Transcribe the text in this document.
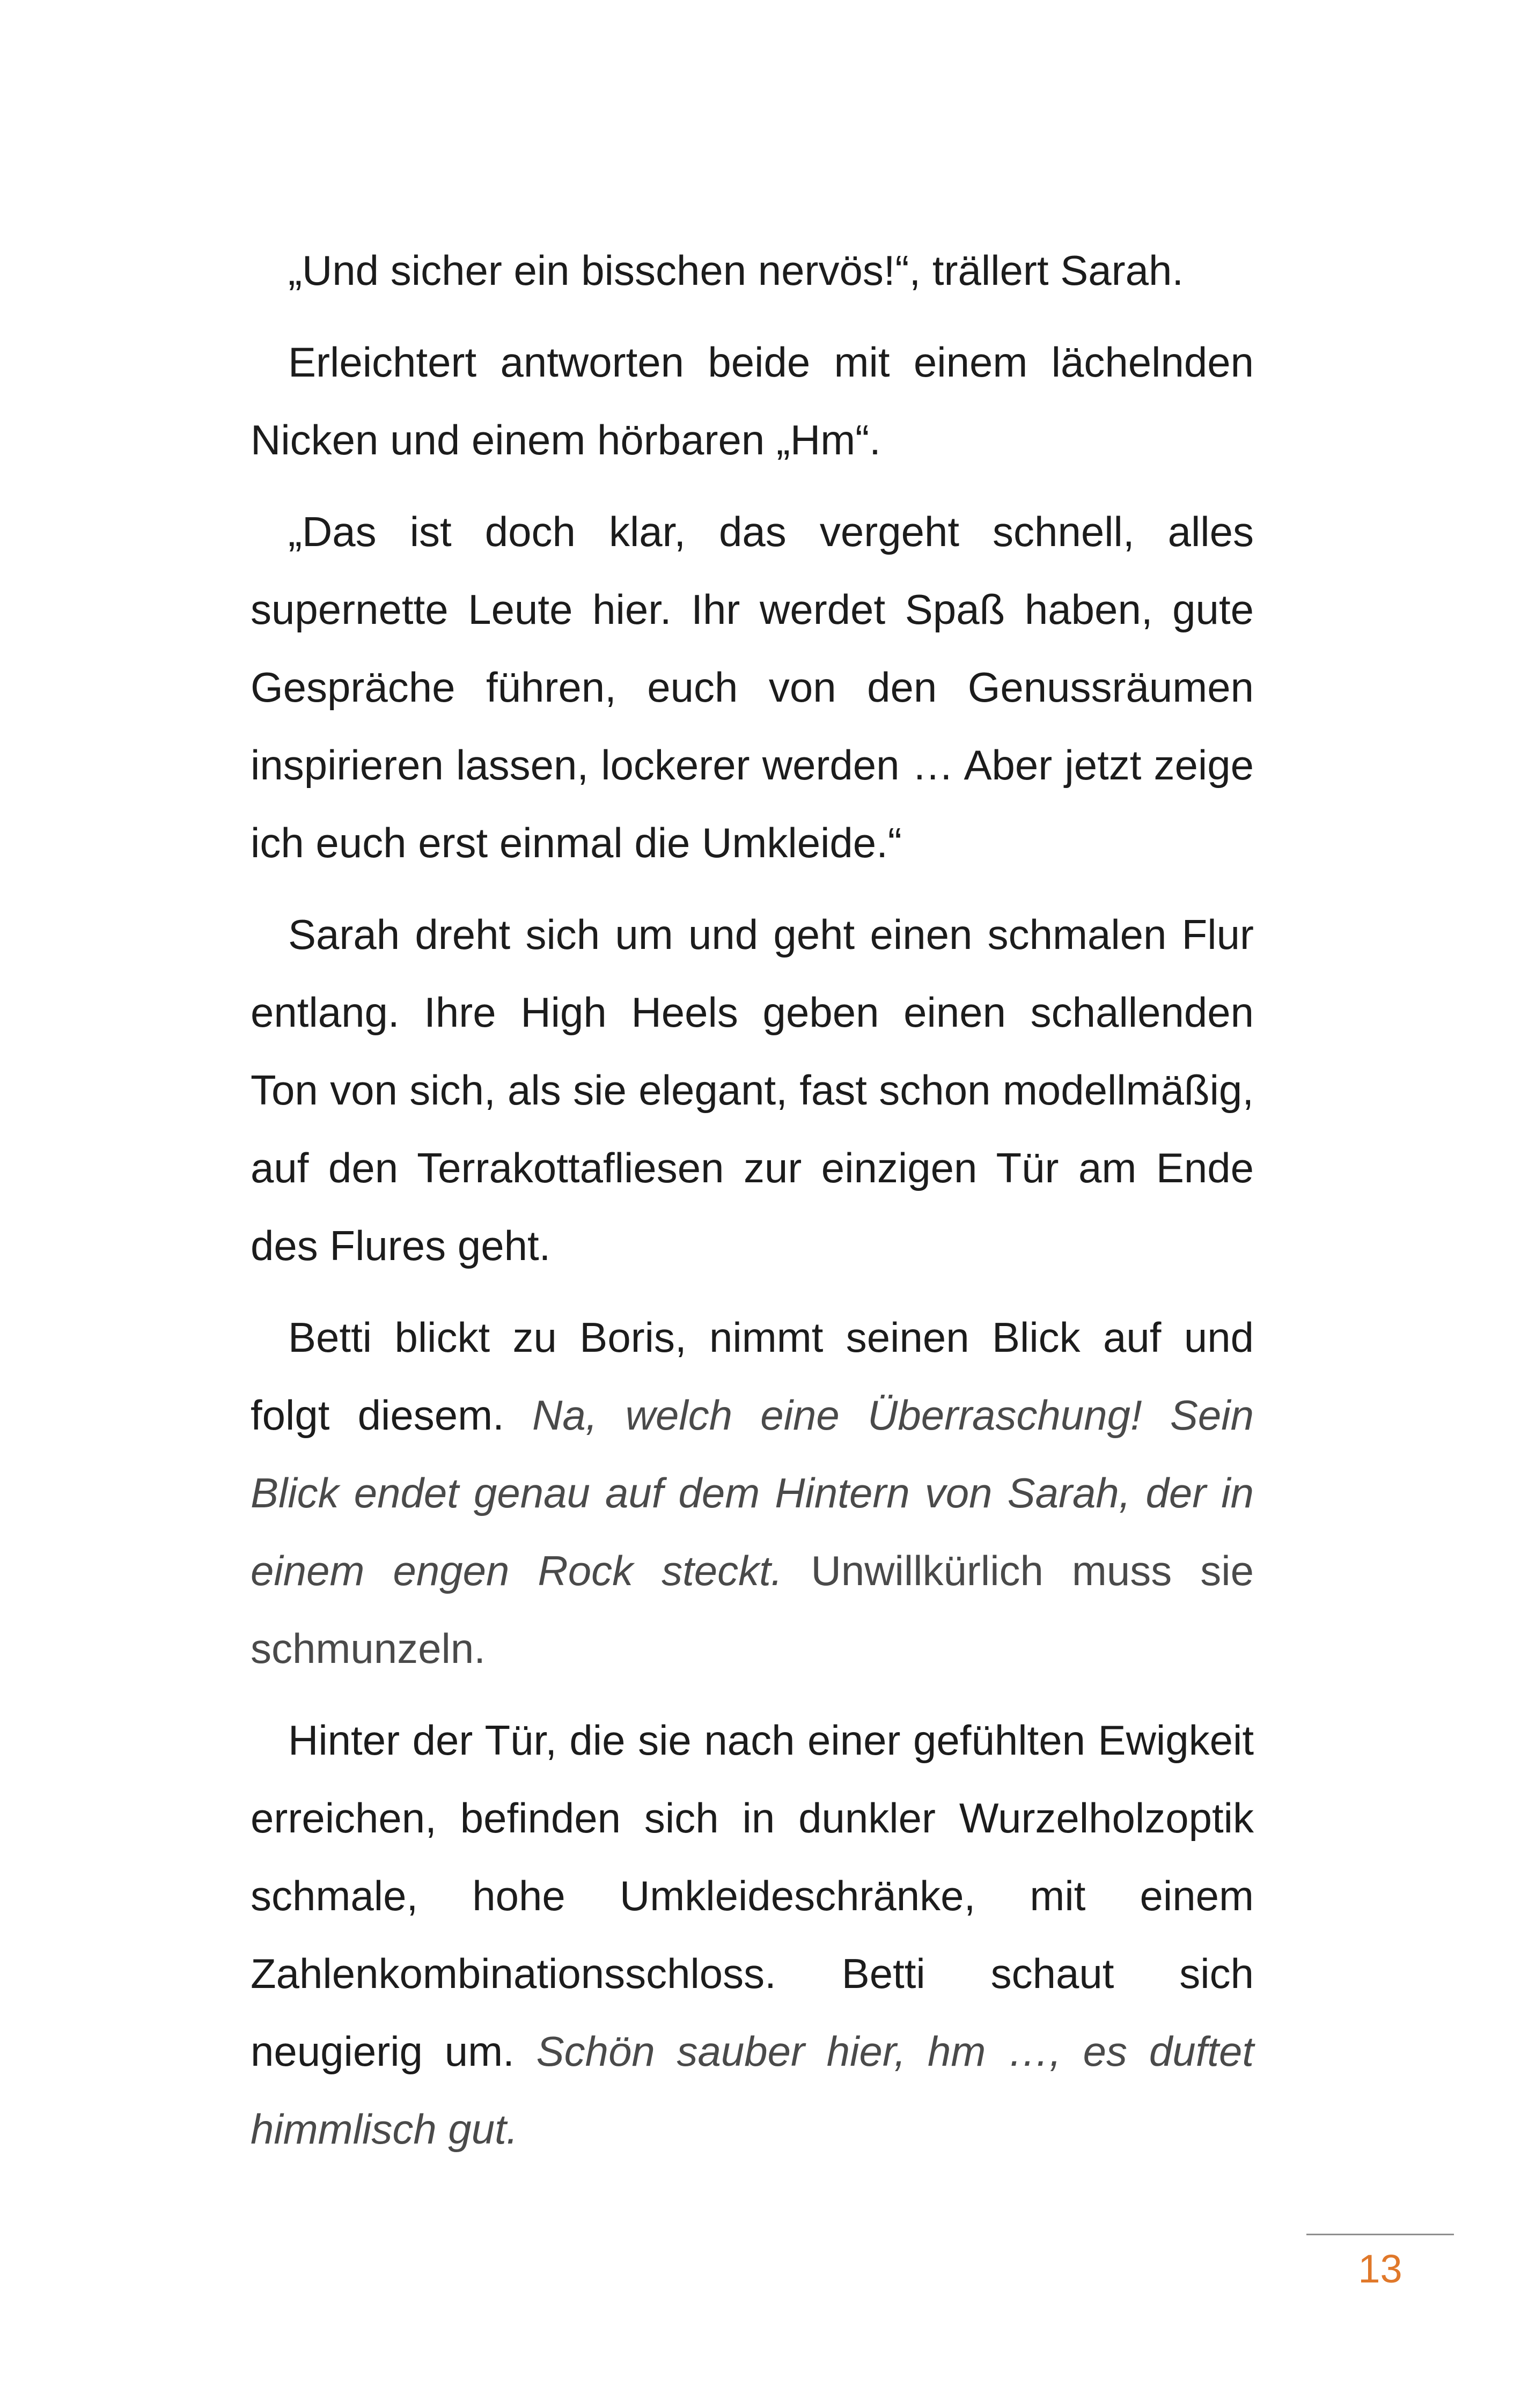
„Und sicher ein bisschen nervös!“, trällert Sarah.

Erleichtert antworten beide mit einem lächelnden Nicken und einem hörbaren „Hm“.

„Das ist doch klar, das vergeht schnell, alles supernette Leute hier. Ihr werdet Spaß haben, gute Gespräche führen, euch von den Genussräumen inspirieren lassen, lockerer werden … Aber jetzt zeige ich euch erst einmal die Umkleide.“

Sarah dreht sich um und geht einen schmalen Flur entlang. Ihre High Heels geben einen schallenden Ton von sich, als sie elegant, fast schon modellmäßig, auf den Terrakottafliesen zur einzigen Tür am Ende des Flures geht.

Betti blickt zu Boris, nimmt seinen Blick auf und folgt diesem. Na, welch eine Überraschung! Sein Blick endet genau auf dem Hintern von Sarah, der in einem engen Rock steckt. Unwillkürlich muss sie schmunzeln.

Hinter der Tür, die sie nach einer gefühlten Ewigkeit erreichen, befinden sich in dunkler Wurzelholzoptik schmale, hohe Umkleideschränke, mit einem Zahlenkombinationsschloss. Betti schaut sich neugierig um. Schön sauber hier, hm …, es duftet himmlisch gut.

13
